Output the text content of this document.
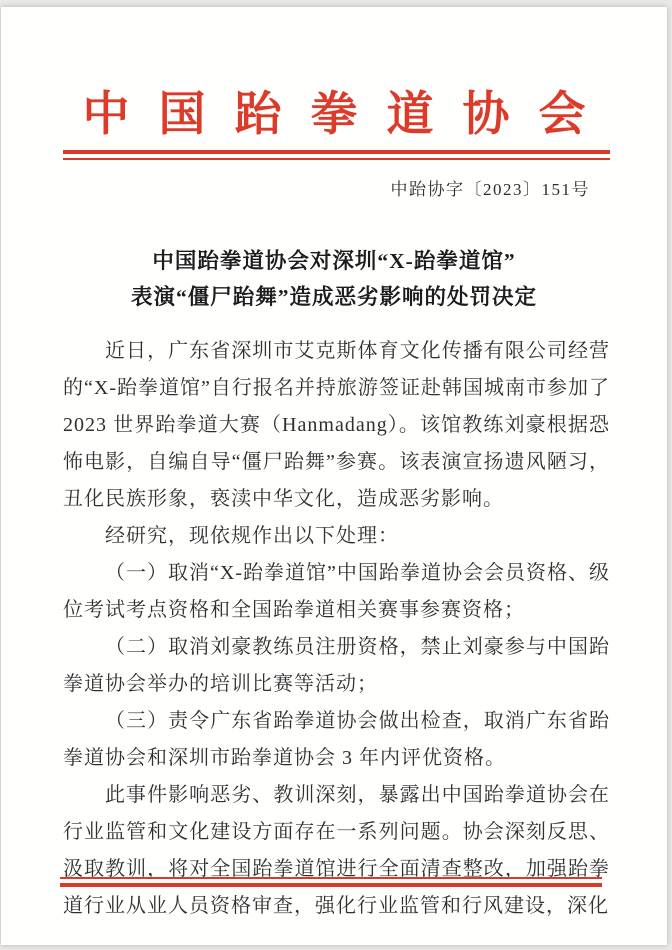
中国跆拳道协会
中跆协字〔2023〕151号
中国跆拳道协会对深圳“X-跆拳道馆”
表演“僵尸跆舞”造成恶劣影响的处罚决定

近日，广东省深圳市艾克斯体育文化传播有限公司经营的“X-跆拳道馆”自行报名并持旅游签证赴韩国城南市参加了 2023 世界跆拳道大赛（Hanmadang）。该馆教练刘豪根据恐怖电影，自编自导“僵尸跆舞”参赛。该表演宣扬遗风陋习，丑化民族形象，亵渎中华文化，造成恶劣影响。

经研究，现依规作出以下处理：

（一）取消“X-跆拳道馆”中国跆拳道协会会员资格、级位考试考点资格和全国跆拳道相关赛事参赛资格；

（二）取消刘豪教练员注册资格，禁止刘豪参与中国跆拳道协会举办的培训比赛等活动；

（三）责令广东省跆拳道协会做出检查，取消广东省跆拳道协会和深圳市跆拳道协会 3 年内评优资格。

此事件影响恶劣、教训深刻，暴露出中国跆拳道协会在行业监管和文化建设方面存在一系列问题。协会深刻反思、汲取教训，将对全国跆拳道馆进行全面清查整改，加强跆拳道行业从业人员资格审查，强化行业监管和行风建设，深化
